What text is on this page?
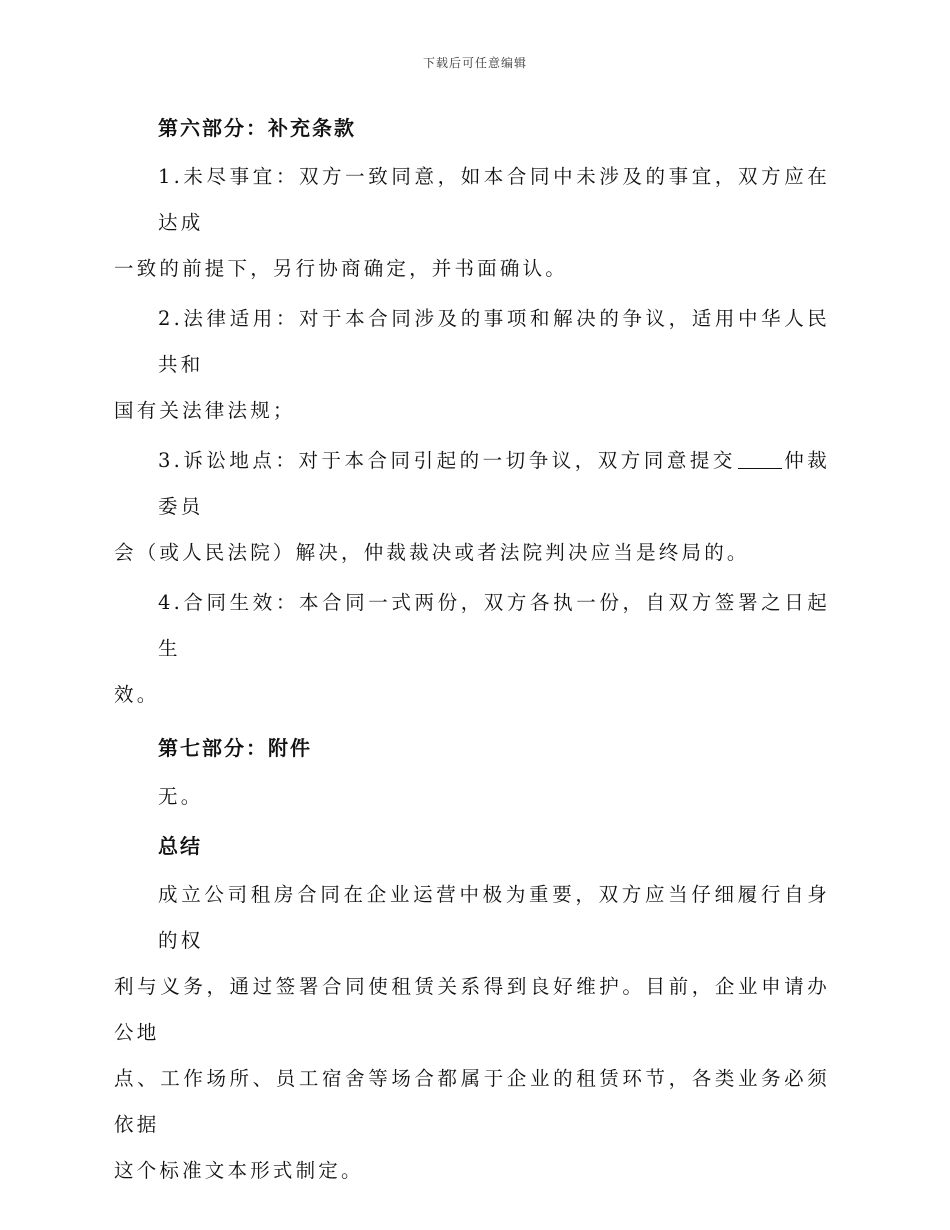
下载后可任意编辑
第六部分：补充条款

1.未尽事宜：双方一致同意，如本合同中未涉及的事宜，双方应在达成
一致的前提下，另行协商确定，并书面确认。

2.法律适用：对于本合同涉及的事项和解决的争议，适用中华人民共和
国有关法律法规；

3.诉讼地点：对于本合同引起的一切争议，双方同意提交 仲裁委员
会（或人民法院）解决，仲裁裁决或者法院判决应当是终局的。

4.合同生效：本合同一式两份，双方各执一份，自双方签署之日起生
效。

第七部分：附件

无。

总结

成立公司租房合同在企业运营中极为重要，双方应当仔细履行自身的权
利与义务，通过签署合同使租赁关系得到良好维护。目前，企业申请办公地
点、工作场所、员工宿舍等场合都属于企业的租赁环节，各类业务必须依据
这个标准文本形式制定。
